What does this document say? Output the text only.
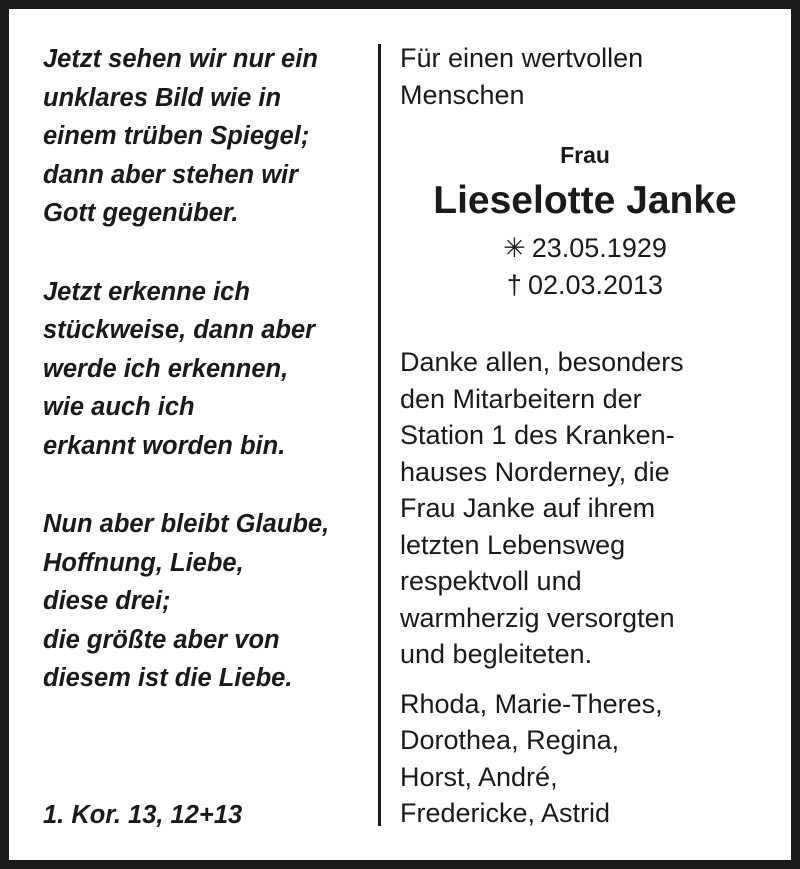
Jetzt sehen wir nur ein
unklares Bild wie in
einem trüben Spiegel;
dann aber stehen wir
Gott gegenüber.
Jetzt erkenne ich
stückweise, dann aber
werde ich erkennen,
wie auch ich
erkannt worden bin.
Nun aber bleibt Glaube,
Hoffnung, Liebe,
diese drei;
die größte aber von
diesem ist die Liebe.
1. Kor. 13, 12+13
Für einen wertvollen
Menschen
Frau
Lieselotte Janke
✳ 23.05.1929
† 02.03.2013
Danke allen, besonders
den Mitarbeitern der
Station 1 des Kranken-
hauses Norderney, die
Frau Janke auf ihrem
letzten Lebensweg
respektvoll und
warmherzig versorgten
und begleiteten.
Rhoda, Marie-Theres,
Dorothea, Regina,
Horst, André,
Fredericke, Astrid
